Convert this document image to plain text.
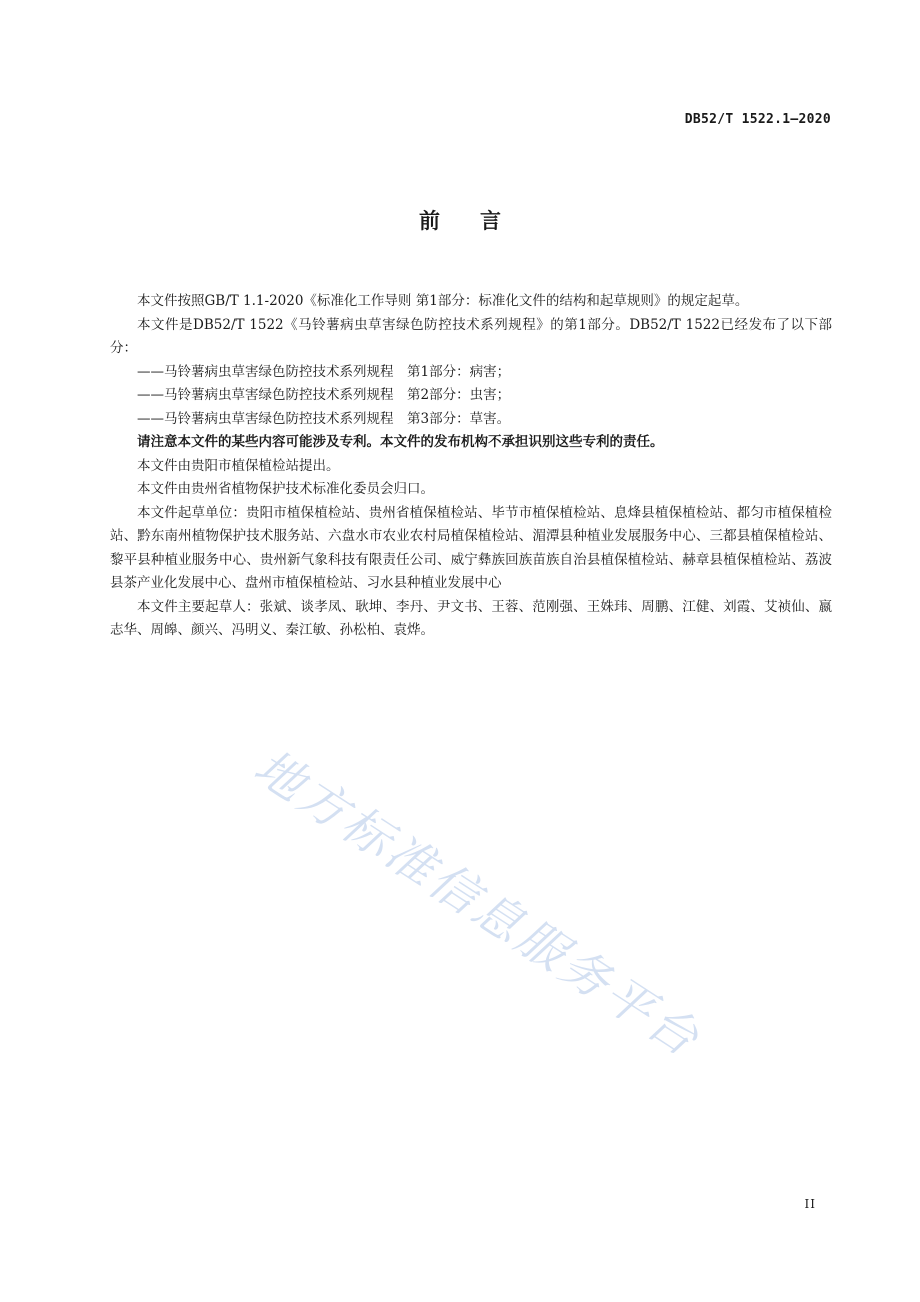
DB52/T 1522.1—2020
前言

本文件按照GB/T 1.1-2020《标准化工作导则 第1部分：标准化文件的结构和起草规则》的规定起草。

本文件是DB52/T 1522《马铃薯病虫草害绿色防控技术系列规程》的第1部分。DB52/T 1522已经发布了以下部分：

——马铃薯病虫草害绿色防控技术系列规程　第1部分：病害；

——马铃薯病虫草害绿色防控技术系列规程　第2部分：虫害；

——马铃薯病虫草害绿色防控技术系列规程　第3部分：草害。

请注意本文件的某些内容可能涉及专利。本文件的发布机构不承担识别这些专利的责任。

本文件由贵阳市植保植检站提出。

本文件由贵州省植物保护技术标准化委员会归口。

本文件起草单位：贵阳市植保植检站、贵州省植保植检站、毕节市植保植检站、息烽县植保植检站、都匀市植保植检站、黔东南州植物保护技术服务站、六盘水市农业农村局植保植检站、湄潭县种植业发展服务中心、三都县植保植检站、黎平县种植业服务中心、贵州新气象科技有限责任公司、威宁彝族回族苗族自治县植保植检站、赫章县植保植检站、荔波县茶产业化发展中心、盘州市植保植检站、习水县种植业发展中心

本文件主要起草人：张斌、谈孝凤、耿坤、李丹、尹文书、王蓉、范刚强、王姝玮、周鹏、江健、刘霞、艾祯仙、嬴志华、周皞、颜兴、冯明义、秦江敏、孙松柏、袁烨。

地方标准信息服务平台
II
